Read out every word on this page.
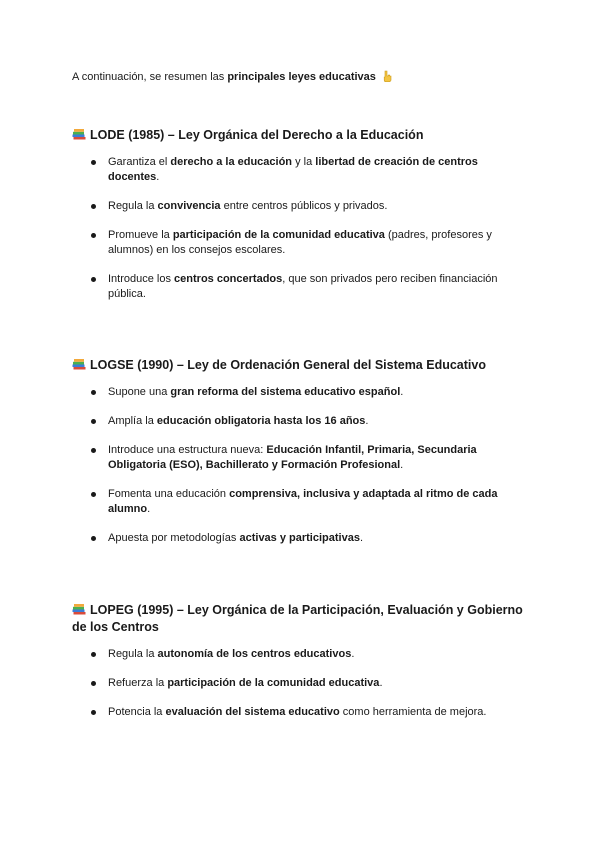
A continuación, se resumen las principales leyes educativas

LODE (1985) – Ley Orgánica del Derecho a la Educación
Garantiza el derecho a la educación y la libertad de creación de centros docentes.
Regula la convivencia entre centros públicos y privados.
Promueve la participación de la comunidad educativa (padres, profesores y alumnos) en los consejos escolares.
Introduce los centros concertados, que son privados pero reciben financiación pública.
LOGSE (1990) – Ley de Ordenación General del Sistema Educativo
Supone una gran reforma del sistema educativo español.
Amplía la educación obligatoria hasta los 16 años.
Introduce una estructura nueva: Educación Infantil, Primaria, Secundaria Obligatoria (ESO), Bachillerato y Formación Profesional.
Fomenta una educación comprensiva, inclusiva y adaptada al ritmo de cada alumno.
Apuesta por metodologías activas y participativas.
LOPEG (1995) – Ley Orgánica de la Participación, Evaluación y Gobierno de los Centros
Regula la autonomía de los centros educativos.
Refuerza la participación de la comunidad educativa.
Potencia la evaluación del sistema educativo como herramienta de mejora.
